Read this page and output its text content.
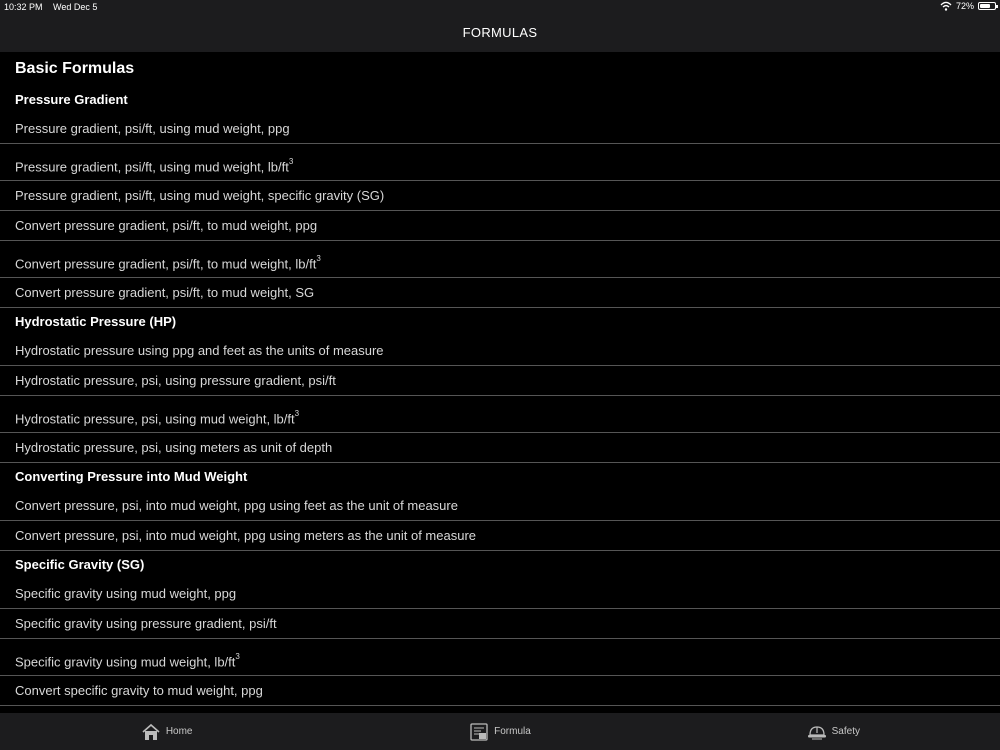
10:32 PM Wed Dec 5	72%
FORMULAS
Basic Formulas
Pressure Gradient
Pressure gradient, psi/ft, using mud weight, ppg
Pressure gradient, psi/ft, using mud weight, $lb/ft^3$
Pressure gradient, psi/ft, using mud weight, specific gravity (SG)
Convert pressure gradient, psi/ft, to mud weight, ppg
Convert pressure gradient, psi/ft, to mud weight, $lb/ft^3$
Convert pressure gradient, psi/ft, to mud weight, SG
Hydrostatic Pressure (HP)
Hydrostatic pressure using ppg and feet as the units of measure
Hydrostatic pressure, psi, using pressure gradient, psi/ft
Hydrostatic pressure, psi, using mud weight, $lb/ft^3$
Hydrostatic pressure, psi, using meters as unit of depth
Converting Pressure into Mud Weight
Convert pressure, psi, into mud weight, ppg using feet as the unit of measure
Convert pressure, psi, into mud weight, ppg using meters as the unit of measure
Specific Gravity (SG)
Specific gravity using mud weight, ppg
Specific gravity using pressure gradient, psi/ft
Specific gravity using mud weight, $lb/ft^3$
Convert specific gravity to mud weight, ppg
Home	Formula	Safety
